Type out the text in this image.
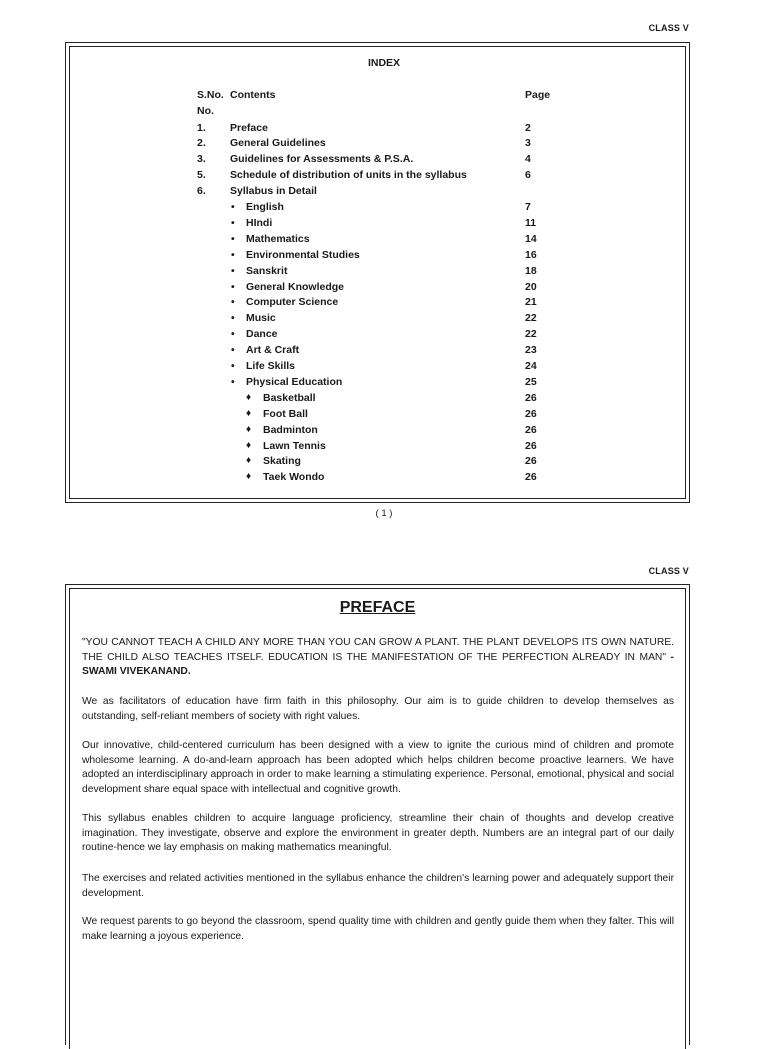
CLASS V
INDEX
S.No. Contents	Page
No.
1. Preface	2
2. General Guidelines	3
3. Guidelines for Assessments & P.S.A.	4
5. Schedule of distribution of units in the syllabus	6
6. Syllabus in Detail
• English	7
• HIndi	11
• Mathematics	14
• Environmental Studies	16
• Sanskrit	18
• General Knowledge	20
• Computer Science	21
• Music	22
• Dance	22
• Art & Craft	23
• Life Skills	24
• Physical Education	25
♦ Basketball	26
♦ Foot Ball	26
♦ Badminton	26
♦ Lawn Tennis	26
♦ Skating	26
♦ Taek Wondo	26
( 1 )
CLASS V
PREFACE

"YOU CANNOT TEACH A CHILD ANY MORE THAN YOU CAN GROW A PLANT. THE PLANT DEVELOPS ITS OWN NATURE. THE CHILD ALSO TEACHES ITSELF. EDUCATION IS THE MANIFESTATION OF THE PERFECTION ALREADY IN MAN" - SWAMI VIVEKANAND.

We as facilitators of education have firm faith in this philosophy. Our aim is to guide children to develop themselves as outstanding, self-reliant members of society with right values.

Our innovative, child-centered curriculum has been designed with a view to ignite the curious mind of children and promote wholesome learning. A do-and-learn approach has been adopted which helps children become proactive learners. We have adopted an interdisciplinary approach in order to make learning a stimulating experience. Personal, emotional, physical and social development share equal space with intellectual and cognitive growth.

This syllabus enables children to acquire language proficiency, streamline their chain of thoughts and develop creative imagination. They investigate, observe and explore the environment in greater depth. Numbers are an integral part of our daily routine-hence we lay emphasis on making mathematics meaningful.

The exercises and related activities mentioned in the syllabus enhance the children's learning power and adequately support their development.

We request parents to go beyond the classroom, spend quality time with children and gently guide them when they falter. This will make learning a joyous experience.
